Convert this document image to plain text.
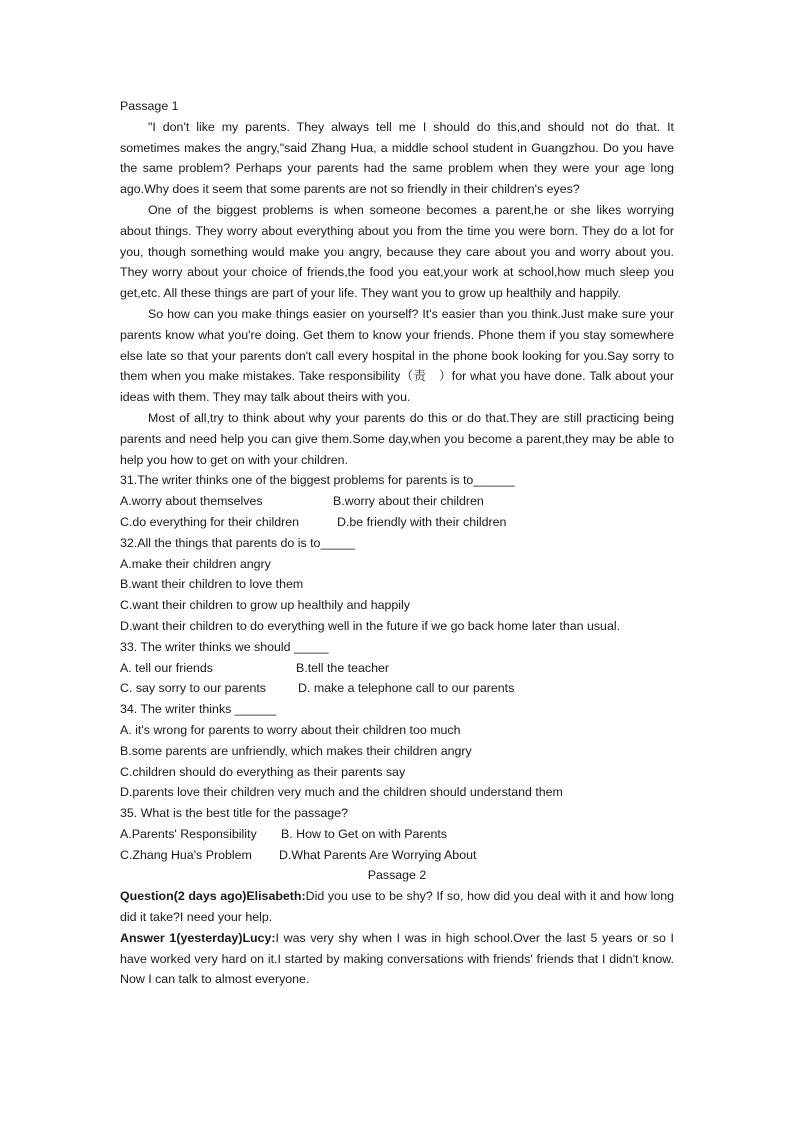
Passage 1

"I don't like my parents. They always tell me I should do this,and should not do that. It sometimes makes the angry,"said Zhang Hua, a middle school student in Guangzhou. Do you have the same problem? Perhaps your parents had the same problem when they were your age long ago.Why does it seem that some parents are not so friendly in their children's eyes?

One of the biggest problems is when someone becomes a parent,he or she likes worrying about things. They worry about everything about you from the time you were born. They do a lot for you, though something would make you angry, because they care about you and worry about you. They worry about your choice of friends,the food you eat,your work at school,how much sleep you get,etc. All these things are part of your life. They want you to grow up healthily and happily.

So how can you make things easier on yourself? It's easier than you think.Just make sure your parents know what you're doing. Get them to know your friends. Phone them if you stay somewhere else late so that your parents don't call every hospital in the phone book looking for you.Say sorry to them when you make mistakes. Take responsibility（责　）for what you have done. Talk about your ideas with them. They may talk about theirs with you.

Most of all,try to think about why your parents do this or do that.They are still practicing being parents and need help you can give them.Some day,when you become a parent,they may be able to help you how to get on with your children.

31.The writer thinks one of the biggest problems for parents is to______

A.worry about themselves	B.worry about their children
C.do everything for their children	D.be friendly with their children

32.All the things that parents do is to_____

A.make their children angry

B.want their children to love them

C.want their children to grow up healthily and happily

D.want their children to do everything well in the future if we go back home later than usual.

33. The writer thinks we should _____

A. tell our friends	B.tell the teacher
C. say sorry to our parents	D. make a telephone call to our parents

34. The writer thinks ______

A. it's wrong for parents to worry about their children too much

B.some parents are unfriendly, which makes their children angry

C.children should do everything as their parents say

D.parents love their children very much and the children should understand them

35. What is the best title for the passage?

A.Parents' Responsibility	B. How to Get on with Parents
C.Zhang Hua's Problem	D.What Parents Are Worrying About

Passage 2

Question(2 days ago)Elisabeth:Did you use to be shy? If so, how did you deal with it and how long did it take?I need your help.

Answer 1(yesterday)Lucy:I was very shy when I was in high school.Over the last 5 years or so I have worked very hard on it.I started by making conversations with friends' friends that I didn't know. Now I can talk to almost everyone.
